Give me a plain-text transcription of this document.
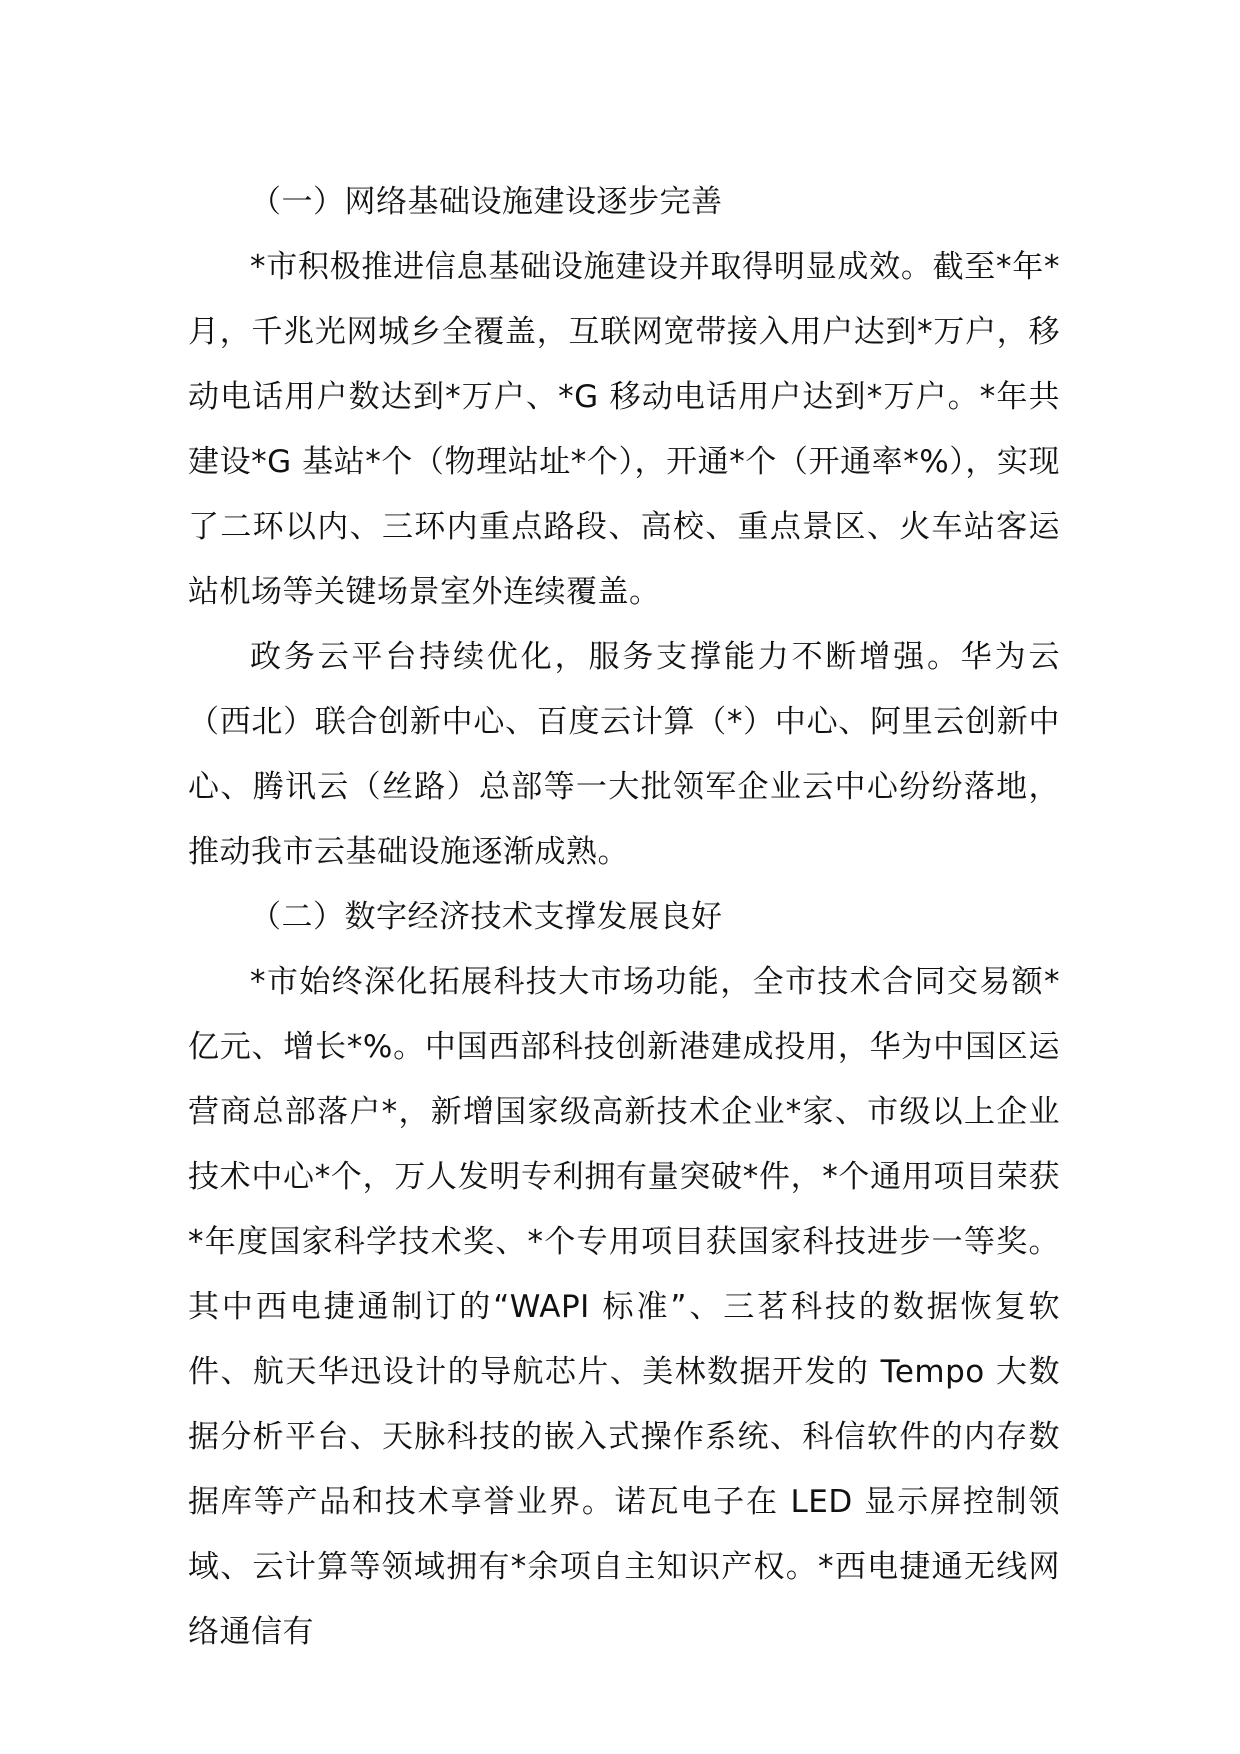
（一）网络基础设施建设逐步完善

*市积极推进信息基础设施建设并取得明显成效。截至*年*月，千兆光网城乡全覆盖，互联网宽带接入用户达到*万户，移动电话用户数达到*万户、*G 移动电话用户达到*万户。*年共建设*G 基站*个（物理站址*个），开通*个（开通率*%），实现了二环以内、三环内重点路段、高校、重点景区、火车站客运站机场等关键场景室外连续覆盖。

政务云平台持续优化，服务支撑能力不断增强。华为云（西北）联合创新中心、百度云计算（*）中心、阿里云创新中心、腾讯云（丝路）总部等一大批领军企业云中心纷纷落地，推动我市云基础设施逐渐成熟。

（二）数字经济技术支撑发展良好

*市始终深化拓展科技大市场功能，全市技术合同交易额*亿元、增长*%。中国西部科技创新港建成投用，华为中国区运营商总部落户*，新增国家级高新技术企业*家、市级以上企业技术中心*个，万人发明专利拥有量突破*件，*个通用项目荣获*年度国家科学技术奖、*个专用项目获国家科技进步一等奖。其中西电捷通制订的“WAPI 标准”、三茗科技的数据恢复软件、航天华迅设计的导航芯片、美林数据开发的 Tempo 大数据分析平台、天脉科技的嵌入式操作系统、科信软件的内存数据库等产品和技术享誉业界。诺瓦电子在 LED 显示屏控制领域、云计算等领域拥有*余项自主知识产权。*西电捷通无线网络通信有
